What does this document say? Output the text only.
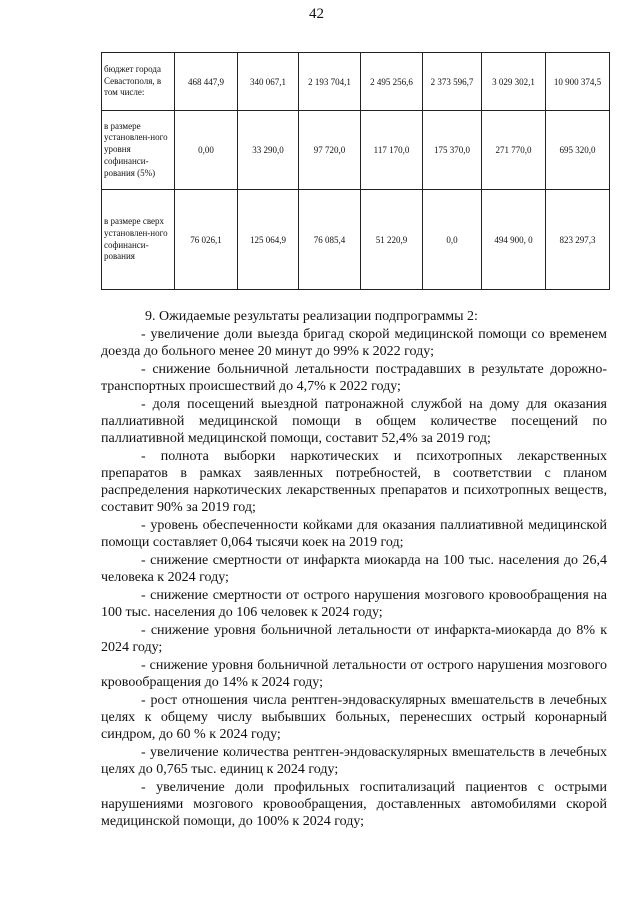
42
бюджет города Севастополя, в том числе:	468 447,9	340 067,1	2 193 704,1	2 495 256,6	2 373 596,7	3 029 302,1	10 900 374,5
в размере установлен-ного уровня софинанси-рования (5%)	0,00	33 290,0	97 720,0	117 170,0	175 370,0	271 770,0	695 320,0
в размере сверх установлен-ного софинанси-рования	76 026,1	125 064,9	76 085,4	51 220,9	0,0	494 900, 0	823 297,3

9. Ожидаемые результаты реализации подпрограммы 2:

- увеличение доли выезда бригад скорой медицинской помощи со временем доезда до больного менее 20 минут до 99% к 2022 году;

- снижение больничной летальности пострадавших в результате дорожно-транспортных происшествий до 4,7% к 2022 году;

- доля посещений выездной патронажной службой на дому для оказания паллиативной медицинской помощи в общем количестве посещений по паллиативной медицинской помощи, составит 52,4% за 2019 год;

- полнота выборки наркотических и психотропных лекарственных препаратов в рамках заявленных потребностей, в соответствии с планом распределения наркотических лекарственных препаратов и психотропных веществ, составит 90% за 2019 год;

- уровень обеспеченности койками для оказания паллиативной медицинской помощи составляет 0,064 тысячи коек на 2019 год;

- снижение смертности от инфаркта миокарда на 100 тыс. населения до 26,4 человека к 2024 году;

- снижение смертности от острого нарушения мозгового кровообращения на 100 тыс. населения до 106 человек к 2024 году;

- снижение уровня больничной летальности от инфаркта-миокарда до 8% к 2024 году;

- снижение уровня больничной летальности от острого нарушения мозгового кровообращения до 14% к 2024 году;

- рост отношения числа рентген-эндоваскулярных вмешательств в лечебных целях к общему числу выбывших больных, перенесших острый коронарный синдром, до 60 % к 2024 году;

- увеличение количества рентген-эндоваскулярных вмешательств в лечебных целях до 0,765 тыс. единиц к 2024 году;

- увеличение доли профильных госпитализаций пациентов с острыми нарушениями мозгового кровообращения, доставленных автомобилями скорой медицинской помощи, до 100% к 2024 году;
